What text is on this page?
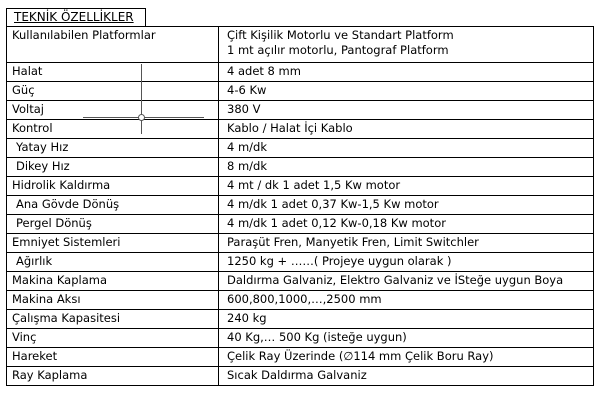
TEKNİK ÖZELLİKLER
Kullanılabilen Platformlar	Çift Kişilik Motorlu ve Standart Platform
1 mt açılır motorlu, Pantograf Platform

Halat	4 adet 8 mm

Güç	4-6 Kw

Voltaj	380 V

Kontrol	Kablo / Halat İçi Kablo

Yatay Hız	4 m/dk

Dikey Hız	8 m/dk

Hidrolik Kaldırma	4 mt / dk 1 adet 1,5 Kw motor

Ana Gövde Dönüş	4 m/dk 1 adet 0,37 Kw-1,5 Kw motor

Pergel Dönüş	4 m/dk 1 adet 0,12 Kw-0,18 Kw motor

Emniyet Sistemleri	Paraşüt Fren, Manyetik Fren, Limit Switchler

Ağırlık	1250 kg + ……( Projeye uygun olarak )

Makina Kaplama	Daldırma Galvaniz, Elektro Galvaniz ve İSteğe uygun Boya

Makina Aksı	600,800,1000,…,2500 mm

Çalışma Kapasitesi	240 kg

Vinç	40 Kg,… 500 Kg (isteğe uygun)

Hareket	Çelik Ray Üzerinde (∅114 mm Çelik Boru Ray)

Ray Kaplama	Sıcak Daldırma Galvaniz
